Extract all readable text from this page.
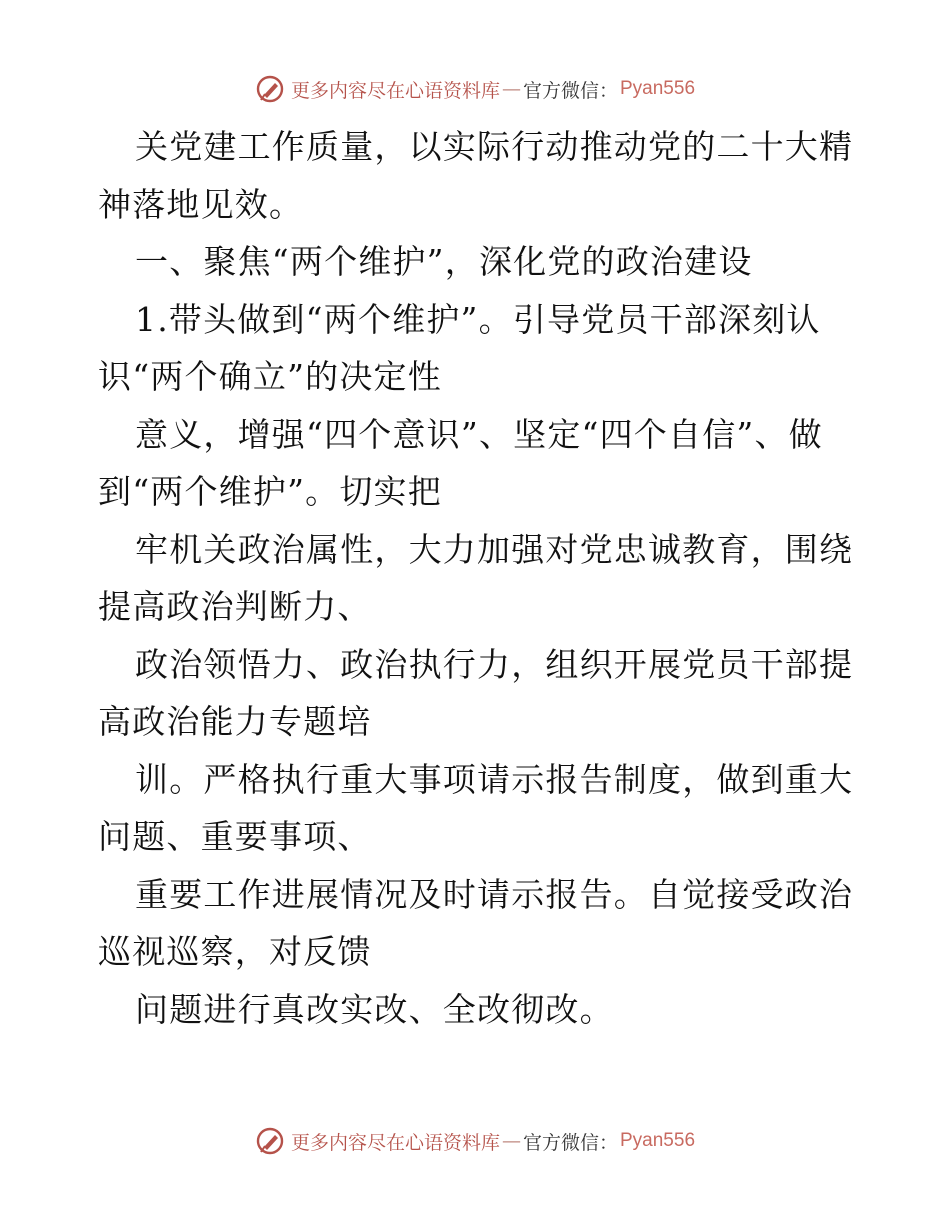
更多内容尽在心语资料库 — 官方微信： Pyan556

关党建工作质量，以实际行动推动党的二十大精神落地见效。

一、聚焦“两个维护”，深化党的政治建设

1.带头做到“两个维护”。引导党员干部深刻认识“两个确立”的决定性

意义，增强“四个意识”、坚定“四个自信”、做到“两个维护”。切实把

牢机关政治属性，大力加强对党忠诚教育，围绕提高政治判断力、

政治领悟力、政治执行力，组织开展党员干部提高政治能力专题培

训。严格执行重大事项请示报告制度，做到重大问题、重要事项、

重要工作进展情况及时请示报告。自觉接受政治巡视巡察，对反馈

问题进行真改实改、全改彻改。

更多内容尽在心语资料库 — 官方微信： Pyan556
